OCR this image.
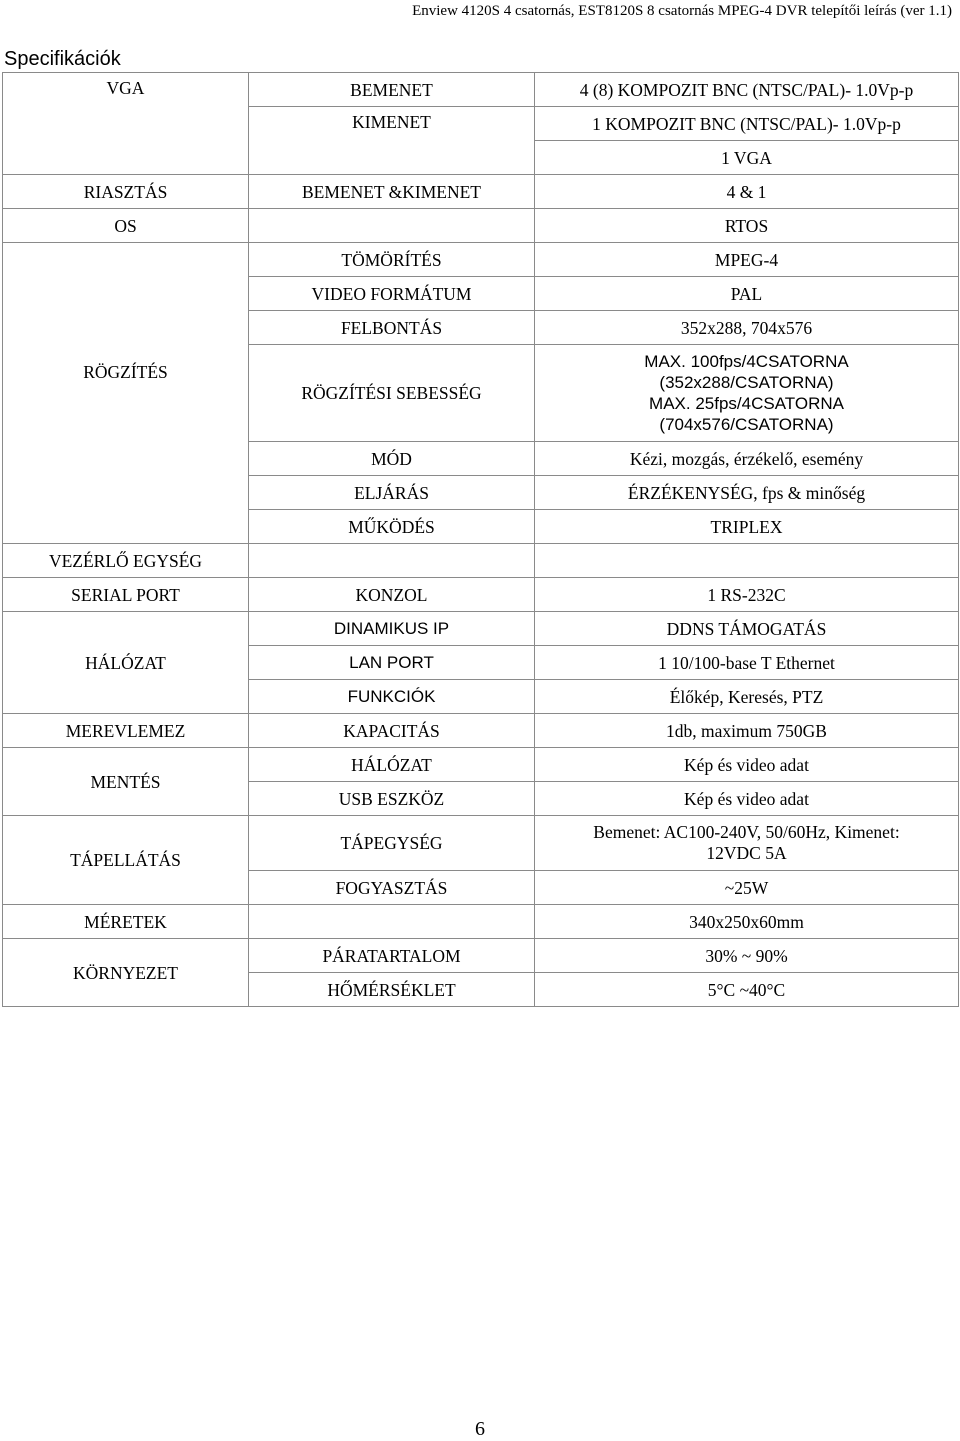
Enview 4120S 4 csatornás, EST8120S 8 csatornás MPEG-4 DVR telepítői leírás (ver 1.1)
Specifikációk
VGA	BEMENET	4 (8) KOMPOZIT BNC (NTSC/PAL)- 1.0Vp-p	
	KIMENET	1 KOMPOZIT BNC (NTSC/PAL)- 1.0Vp-p	
		1 VGA	
RIASZTÁS	BEMENET &KIMENET	4 & 1	
OS		RTOS	
RÖGZÍTÉS	TÖMÖRÍTÉS	MPEG-4	
	VIDEO FORMÁTUM	PAL	
	FELBONTÁS	352x288, 704x576	
	RÖGZÍTÉSI SEBESSÉG	MAX. 100fps/4CSATORNA
(352x288/CSATORNA)
MAX. 25fps/4CSATORNA
(704x576/CSATORNA)	

	MÓD	Kézi, mozgás, érzékelő, esemény	
	ELJÁRÁS	ÉRZÉKENYSÉG, fps & minőség	
	MŰKÖDÉS	TRIPLEX	
VEZÉRLŐ EGYSÉG			
SERIAL PORT	KONZOL	1 RS-232C	
HÁLÓZAT	DINAMIKUS IP	DDNS TÁMOGATÁS	
	LAN PORT	1 10/100-base T Ethernet	
	FUNKCIÓK	Élőkép, Keresés, PTZ	
MEREVLEMEZ	KAPACITÁS	1db, maximum 750GB	
MENTÉS	HÁLÓZAT	Kép és video adat	
	USB ESZKÖZ	Kép és video adat	
TÁPELLÁTÁS	TÁPEGYSÉG	Bemenet: AC100-240V, 50/60Hz, Kimenet:
12VDC 5A	

	FOGYASZTÁS	~25W	
MÉRETEK		340x250x60mm	
KÖRNYEZET	PÁRATARTALOM	30% ~ 90%	
	HŐMÉRSÉKLET	5°C ~40°C	
6
